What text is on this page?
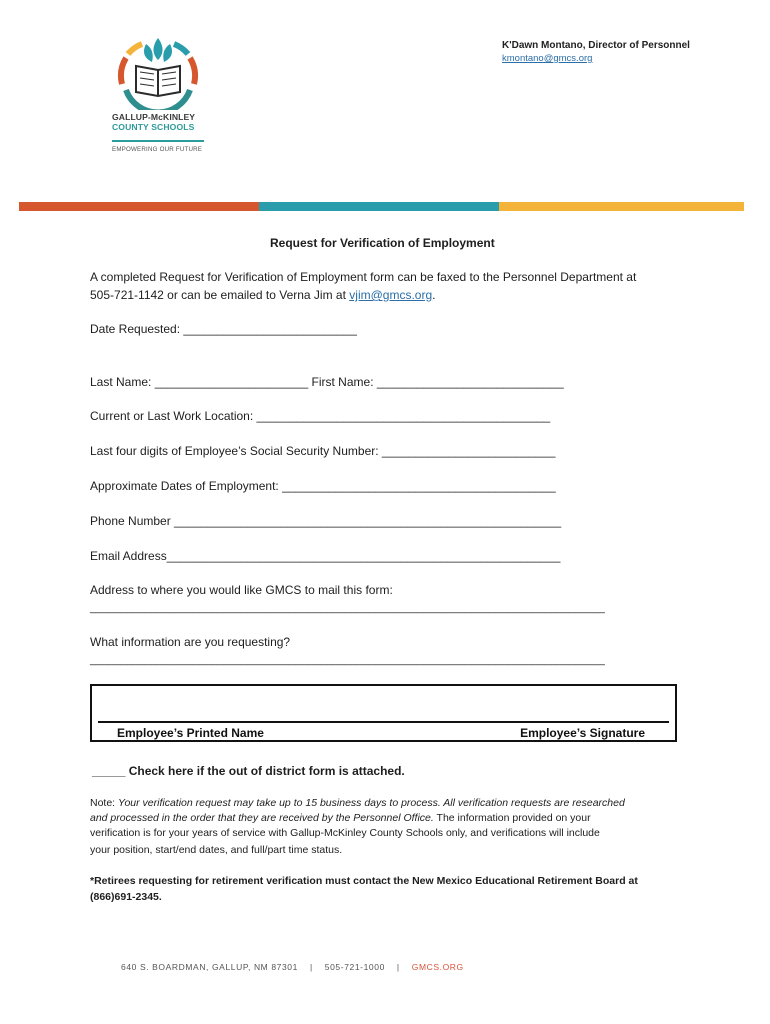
GALLUP-McKINLEY
COUNTY SCHOOLS
EMPOWERING OUR FUTURE
K'Dawn Montano, Director of Personnel
kmontano@gmcs.org
Request for Verification of Employment
A completed Request for Verification of Employment form can be faxed to the Personnel Department at
505-721-1142 or can be emailed to Verna Jim at vjim@gmcs.org.
Date Requested: __________________________
Last Name: _______________________ First Name: ____________________________
Current or Last Work Location: ____________________________________________
Last four digits of Employee’s Social Security Number: __________________________
Approximate Dates of Employment: _________________________________________
Phone Number __________________________________________________________
Email Address___________________________________________________________
Address to where you would like GMCS to mail this form:
_____________________________________________________________________________________
What information are you requesting?
_____________________________________________________________________________________
Employee’s Printed Name	Employee’s Signature
_____ Check here if the out of district form is attached.
Note: Your verification request may take up to 15 business days to process. All verification requests are researched
and processed in the order that they are received by the Personnel Office. The information provided on your
verification is for your years of service with Gallup-McKinley County Schools only, and verifications will include
your position, start/end dates, and full/part time status.
*Retirees requesting for retirement verification must contact the New Mexico Educational Retirement Board at
(866)691-2345.
640 S. BOARDMAN, GALLUP, NM 87301 | 505-721-1000 | GMCS.ORG
